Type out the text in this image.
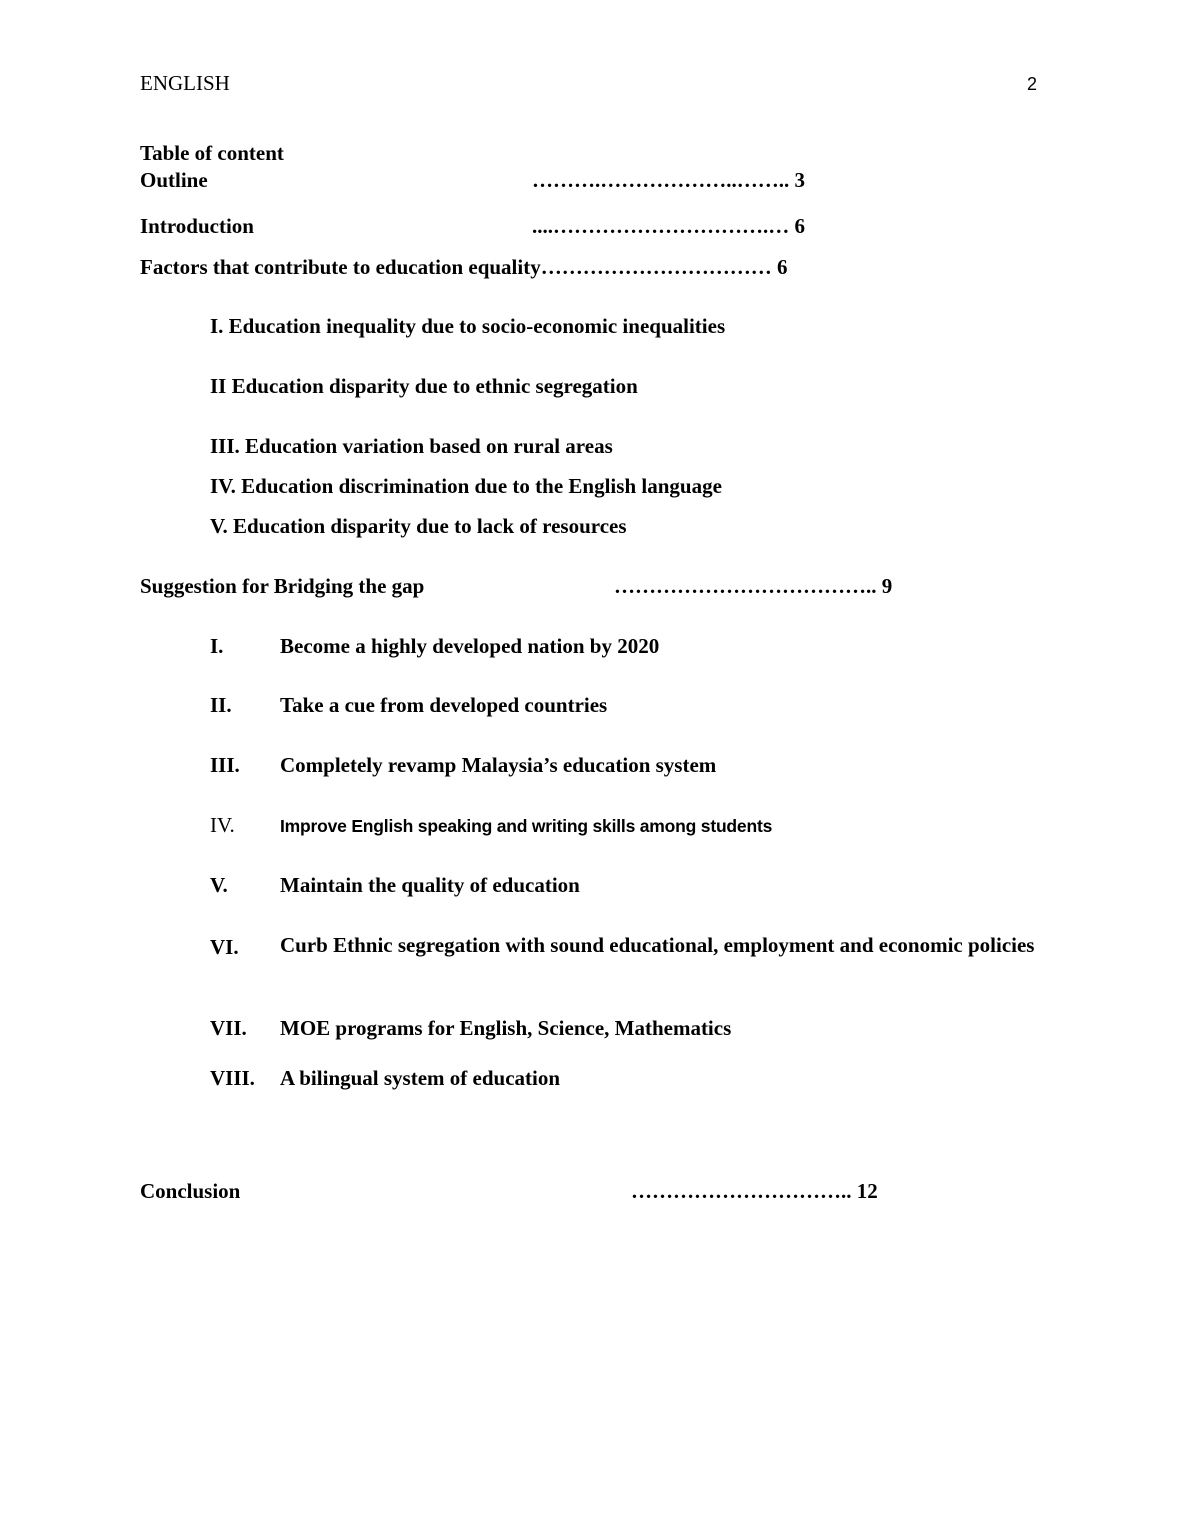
ENGLISH	2
Table of content
Outline	……….………………..…….. 3
Introduction	....………………………….… 6
Factors that contribute to education equality…………………………… 6
I. Education inequality due to socio-economic inequalities
II Education disparity due to ethnic segregation
III. Education variation based on rural areas
IV. Education discrimination due to the English language
V. Education disparity due to lack of resources
Suggestion for Bridging the gap	……………………………….. 9
I.	Become a highly developed nation by 2020
II. Take a cue from developed countries
III. Completely revamp Malaysia’s education system
IV.	Improve English speaking and writing skills among students
V. Maintain the quality of education
VI. Curb Ethnic segregation with sound educational, employment and economic policies
VII. MOE programs for English, Science, Mathematics
VIII. A bilingual system of education
Conclusion	………………………….. 12
